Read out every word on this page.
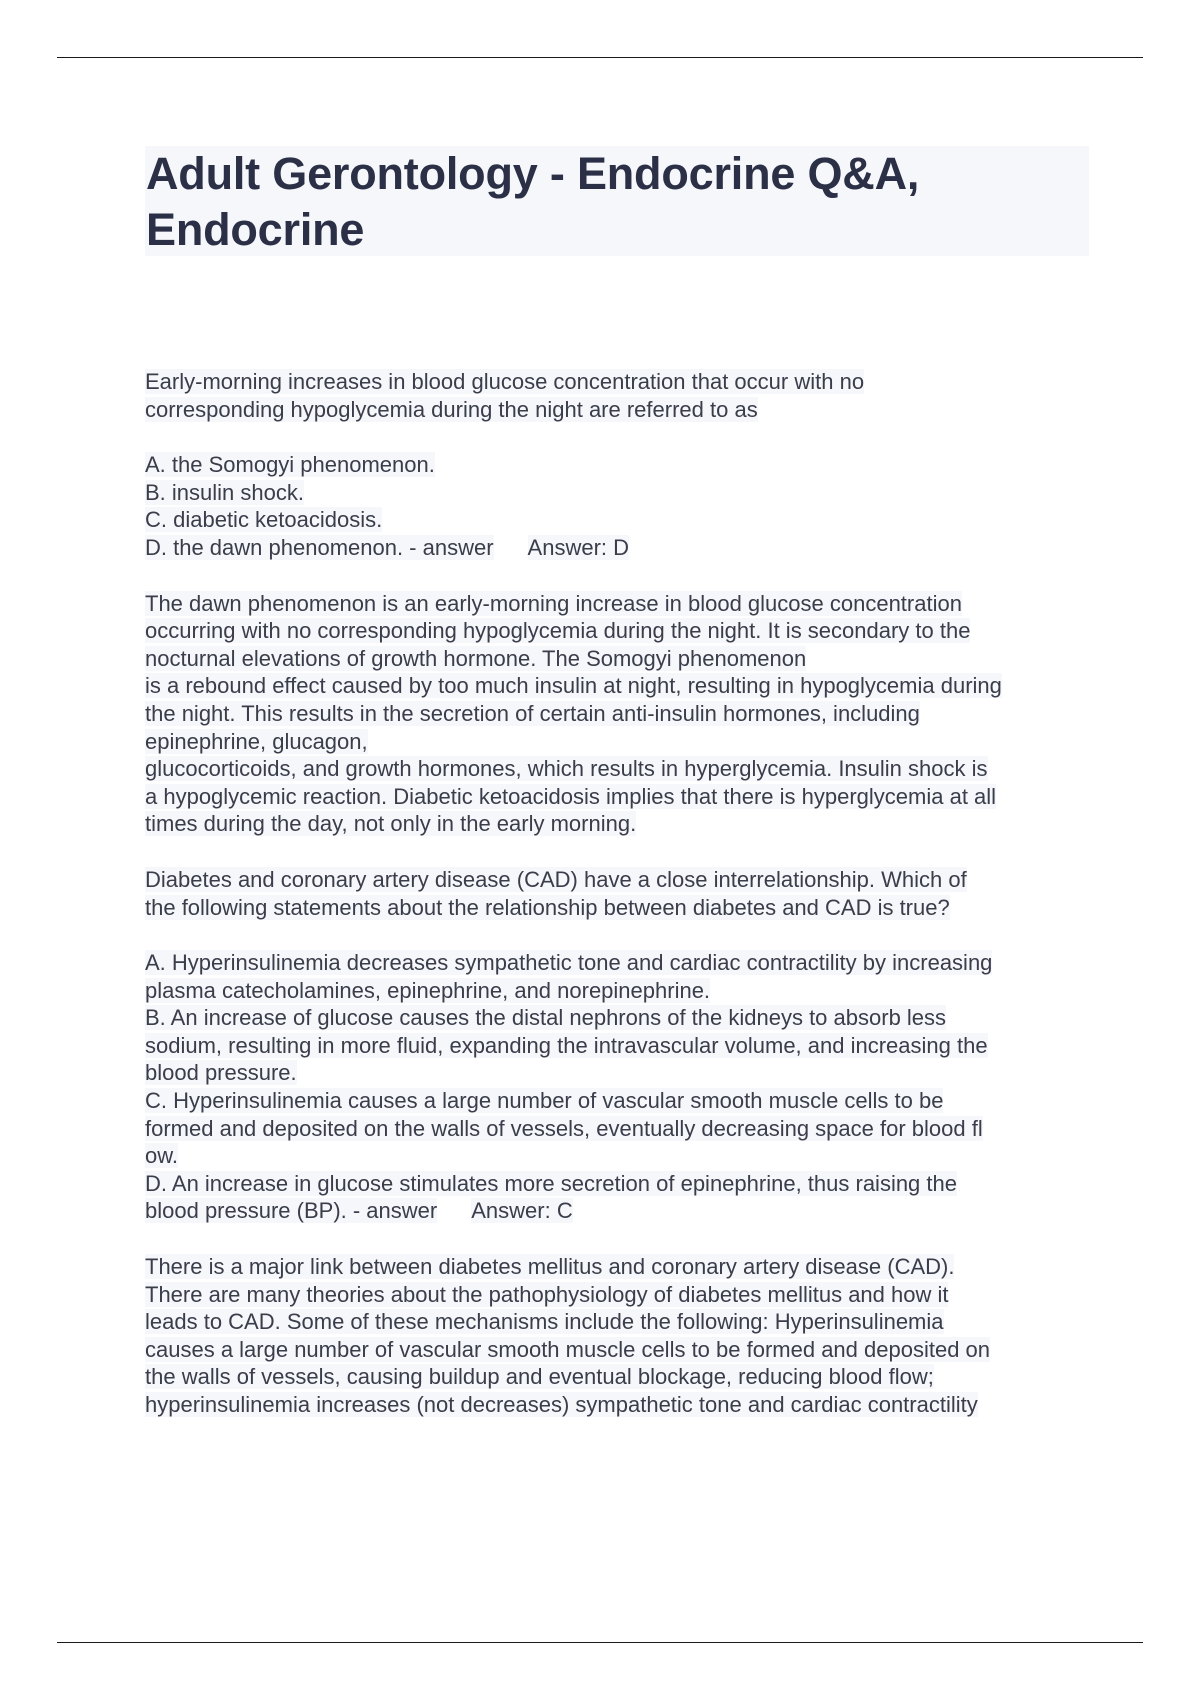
Adult Gerontology - Endocrine Q&A,
Endocrine

Early-morning increases in blood glucose concentration that occur with no
corresponding hypoglycemia during the night are referred to as

A. the Somogyi phenomenon.
B. insulin shock.
C. diabetic ketoacidosis.
D. the dawn phenomenon. - answer Answer: D

The dawn phenomenon is an early-morning increase in blood glucose concentration
occurring with no corresponding hypoglycemia during the night. It is secondary to the
nocturnal elevations of growth hormone. The Somogyi phenomenon
is a rebound effect caused by too much insulin at night, resulting in hypoglycemia during
the night. This results in the secretion of certain anti-insulin hormones, including
epinephrine, glucagon,
glucocorticoids, and growth hormones, which results in hyperglycemia. Insulin shock is
a hypoglycemic reaction. Diabetic ketoacidosis implies that there is hyperglycemia at all
times during the day, not only in the early morning.

Diabetes and coronary artery disease (CAD) have a close interrelationship. Which of
the following statements about the relationship between diabetes and CAD is true?

A. Hyperinsulinemia decreases sympathetic tone and cardiac contractility by increasing
plasma catecholamines, epinephrine, and norepinephrine.
B. An increase of glucose causes the distal nephrons of the kidneys to absorb less
sodium, resulting in more fluid, expanding the intravascular volume, and increasing the
blood pressure.
C. Hyperinsulinemia causes a large number of vascular smooth muscle cells to be
formed and deposited on the walls of vessels, eventually decreasing space for blood fl
ow.
D. An increase in glucose stimulates more secretion of epinephrine, thus raising the
blood pressure (BP). - answer Answer: C

There is a major link between diabetes mellitus and coronary artery disease (CAD).
There are many theories about the pathophysiology of diabetes mellitus and how it
leads to CAD. Some of these mechanisms include the following: Hyperinsulinemia
causes a large number of vascular smooth muscle cells to be formed and deposited on
the walls of vessels, causing buildup and eventual blockage, reducing blood flow;
hyperinsulinemia increases (not decreases) sympathetic tone and cardiac contractility
